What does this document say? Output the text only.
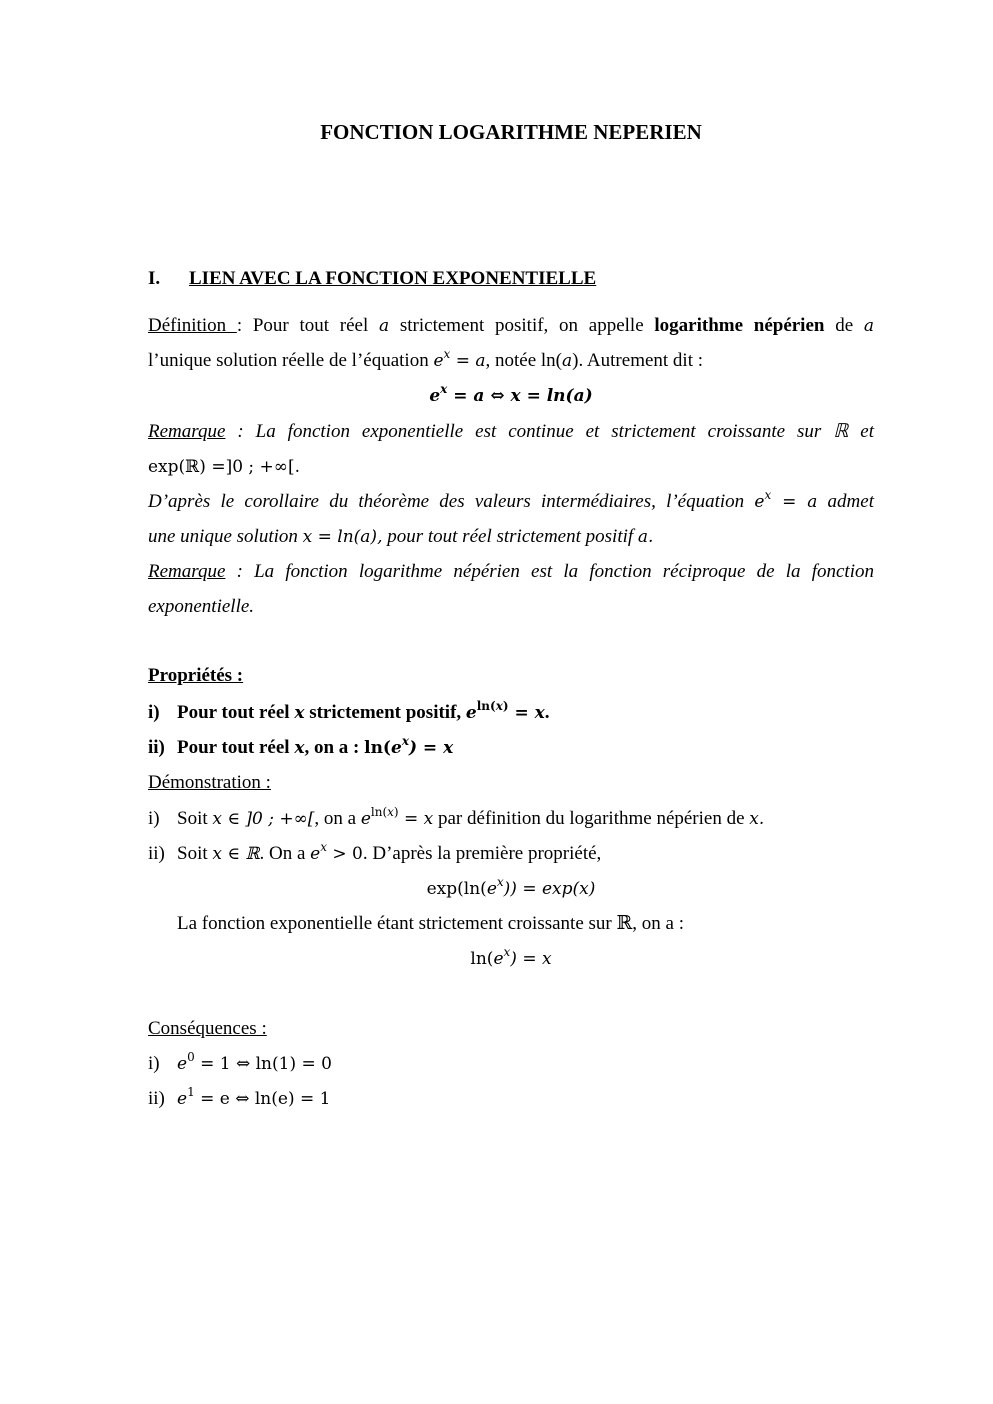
FONCTION LOGARITHME NEPERIEN
I. LIEN AVEC LA FONCTION EXPONENTIELLE
Définition : Pour tout réel a strictement positif, on appelle logarithme népérien de a
l’unique solution réelle de l’équation $e^x = a$, notée ln(a). Autrement dit :
$e^x = a$ ⇔ x = ln(a)
Remarque : La fonction exponentielle est continue et strictement croissante sur ℝ et
exp(ℝ) =]0 ; +∞[.
D’après le corollaire du théorème des valeurs intermédiaires, l’équation $e^x = a$ admet
une unique solution x = ln(a), pour tout réel strictement positif a.
Remarque : La fonction logarithme népérien est la fonction réciproque de la fonction
exponentielle.
Propriétés :
i) Pour tout réel x strictement positif, $e^{ln(x)} = x$.
ii) Pour tout réel x, on a : $\ln(e^x) = x$
Démonstration :
i) Soit x ∈ ]0 ; +∞[, on a $e^{ln(x)} = x$ par définition du logarithme népérien de x.
ii) Soit x ∈ ℝ. On a $e^x > 0$. D’après la première propriété,
$\exp(\ln(e^x)) = \exp(x)$
La fonction exponentielle étant strictement croissante sur ℝ, on a :
$\ln(e^x) = x$
Conséquences :
i) $e^0 = 1$ ⇔ ln(1) = 0
ii) $e^1 = e$ ⇔ ln(e) = 1
